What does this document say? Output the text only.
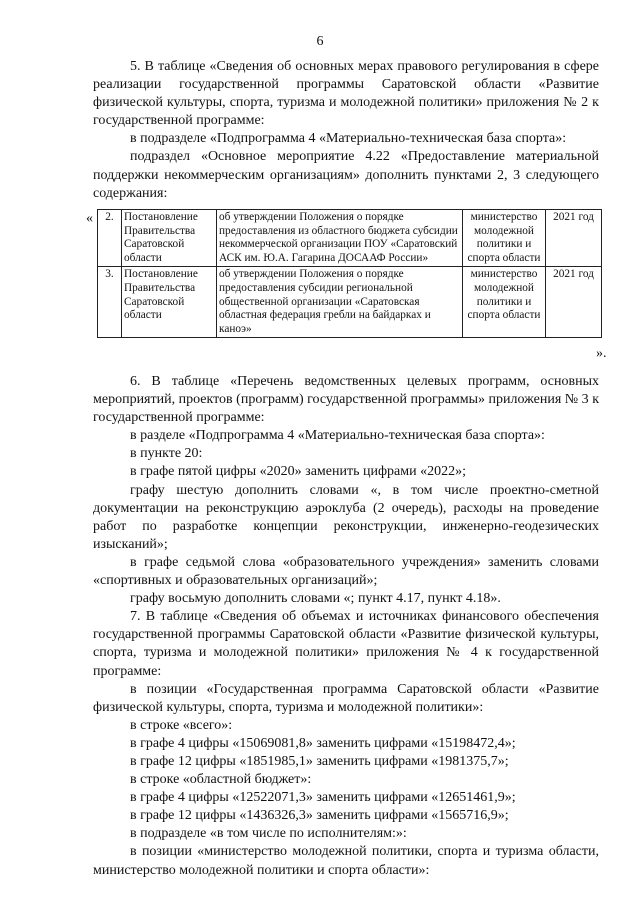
6

5. В таблице «Сведения об основных мерах правового регулирования в сфере реализации государственной программы Саратовской области «Развитие физической культуры, спорта, туризма и молодежной политики» приложения № 2 к государственной программе:

в подразделе «Подпрограмма 4 «Материально-техническая база спорта»:

подраздел «Основное мероприятие 4.22 «Предоставление материальной поддержки некоммерческим организациям» дополнить пунктами 2, 3 следующего содержания:

« 2.	Постановление Правительства Саратовской области	об утверждении Положения о порядке предоставления из областного бюджета субсидии некоммерческой организации ПОУ «Саратовский АСК им. Ю.А. Гагарина ДОСААФ России»	министерство молодежной политики и спорта области	2021 год
3.	Постановление Правительства Саратовской области	об утверждении Положения о порядке предоставления субсидии региональной общественной организации «Саратовская областная федерация гребли на байдарках и каноэ»	министерство молодежной политики и спорта области	2021 год
».

6. В таблице «Перечень ведомственных целевых программ, основных мероприятий, проектов (программ) государственной программы» приложения № 3 к государственной программе:

в разделе «Подпрограмма 4 «Материально-техническая база спорта»:

в пункте 20:

в графе пятой цифры «2020» заменить цифрами «2022»;

графу шестую дополнить словами «, в том числе проектно-сметной документации на реконструкцию аэроклуба (2 очередь), расходы на проведение работ по разработке концепции реконструкции, инженерно-геодезических изысканий»;

в графе седьмой слова «образовательного учреждения» заменить словами «спортивных и образовательных организаций»;

графу восьмую дополнить словами «; пункт 4.17, пункт 4.18».

7. В таблице «Сведения об объемах и источниках финансового обеспечения государственной программы Саратовской области «Развитие физической культуры, спорта, туризма и молодежной политики» приложения № 4 к государственной программе:

в позиции «Государственная программа Саратовской области «Развитие физической культуры, спорта, туризма и молодежной политики»:

в строке «всего»:

в графе 4 цифры «15069081,8» заменить цифрами «15198472,4»;

в графе 12 цифры «1851985,1» заменить цифрами «1981375,7»;

в строке «областной бюджет»:

в графе 4 цифры «12522071,3» заменить цифрами «12651461,9»;

в графе 12 цифры «1436326,3» заменить цифрами «1565716,9»;

в подразделе «в том числе по исполнителям:»:

в позиции «министерство молодежной политики, спорта и туризма области, министерство молодежной политики и спорта области»:
